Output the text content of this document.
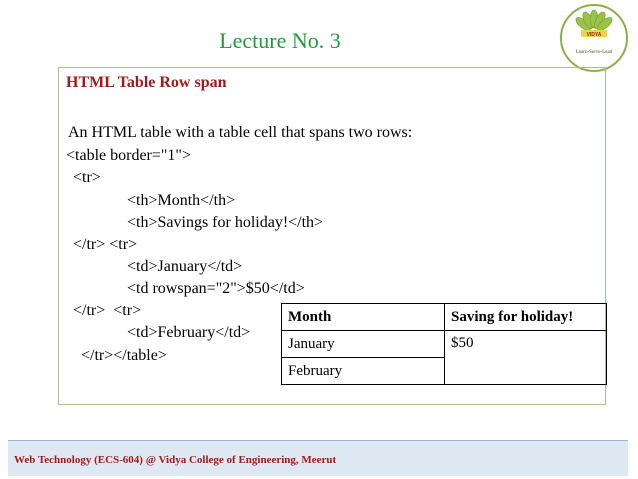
Lecture No. 3	VIDYA
Learn-Serve-Lead
HTML Table Row span
An HTML table with a table cell that spans two rows:
<table border="1">
<tr>
<th>Month</th>
<th>Savings for holiday!</th>
</tr> <tr>
<td>January</td>
<td rowspan="2">$50</td>
</tr>  <tr>
<td>February</td>
</tr></table>
Month	Saving for holiday!
January	$50
February	
Web Technology (ECS-604) @ Vidya College of Engineering, Meerut
